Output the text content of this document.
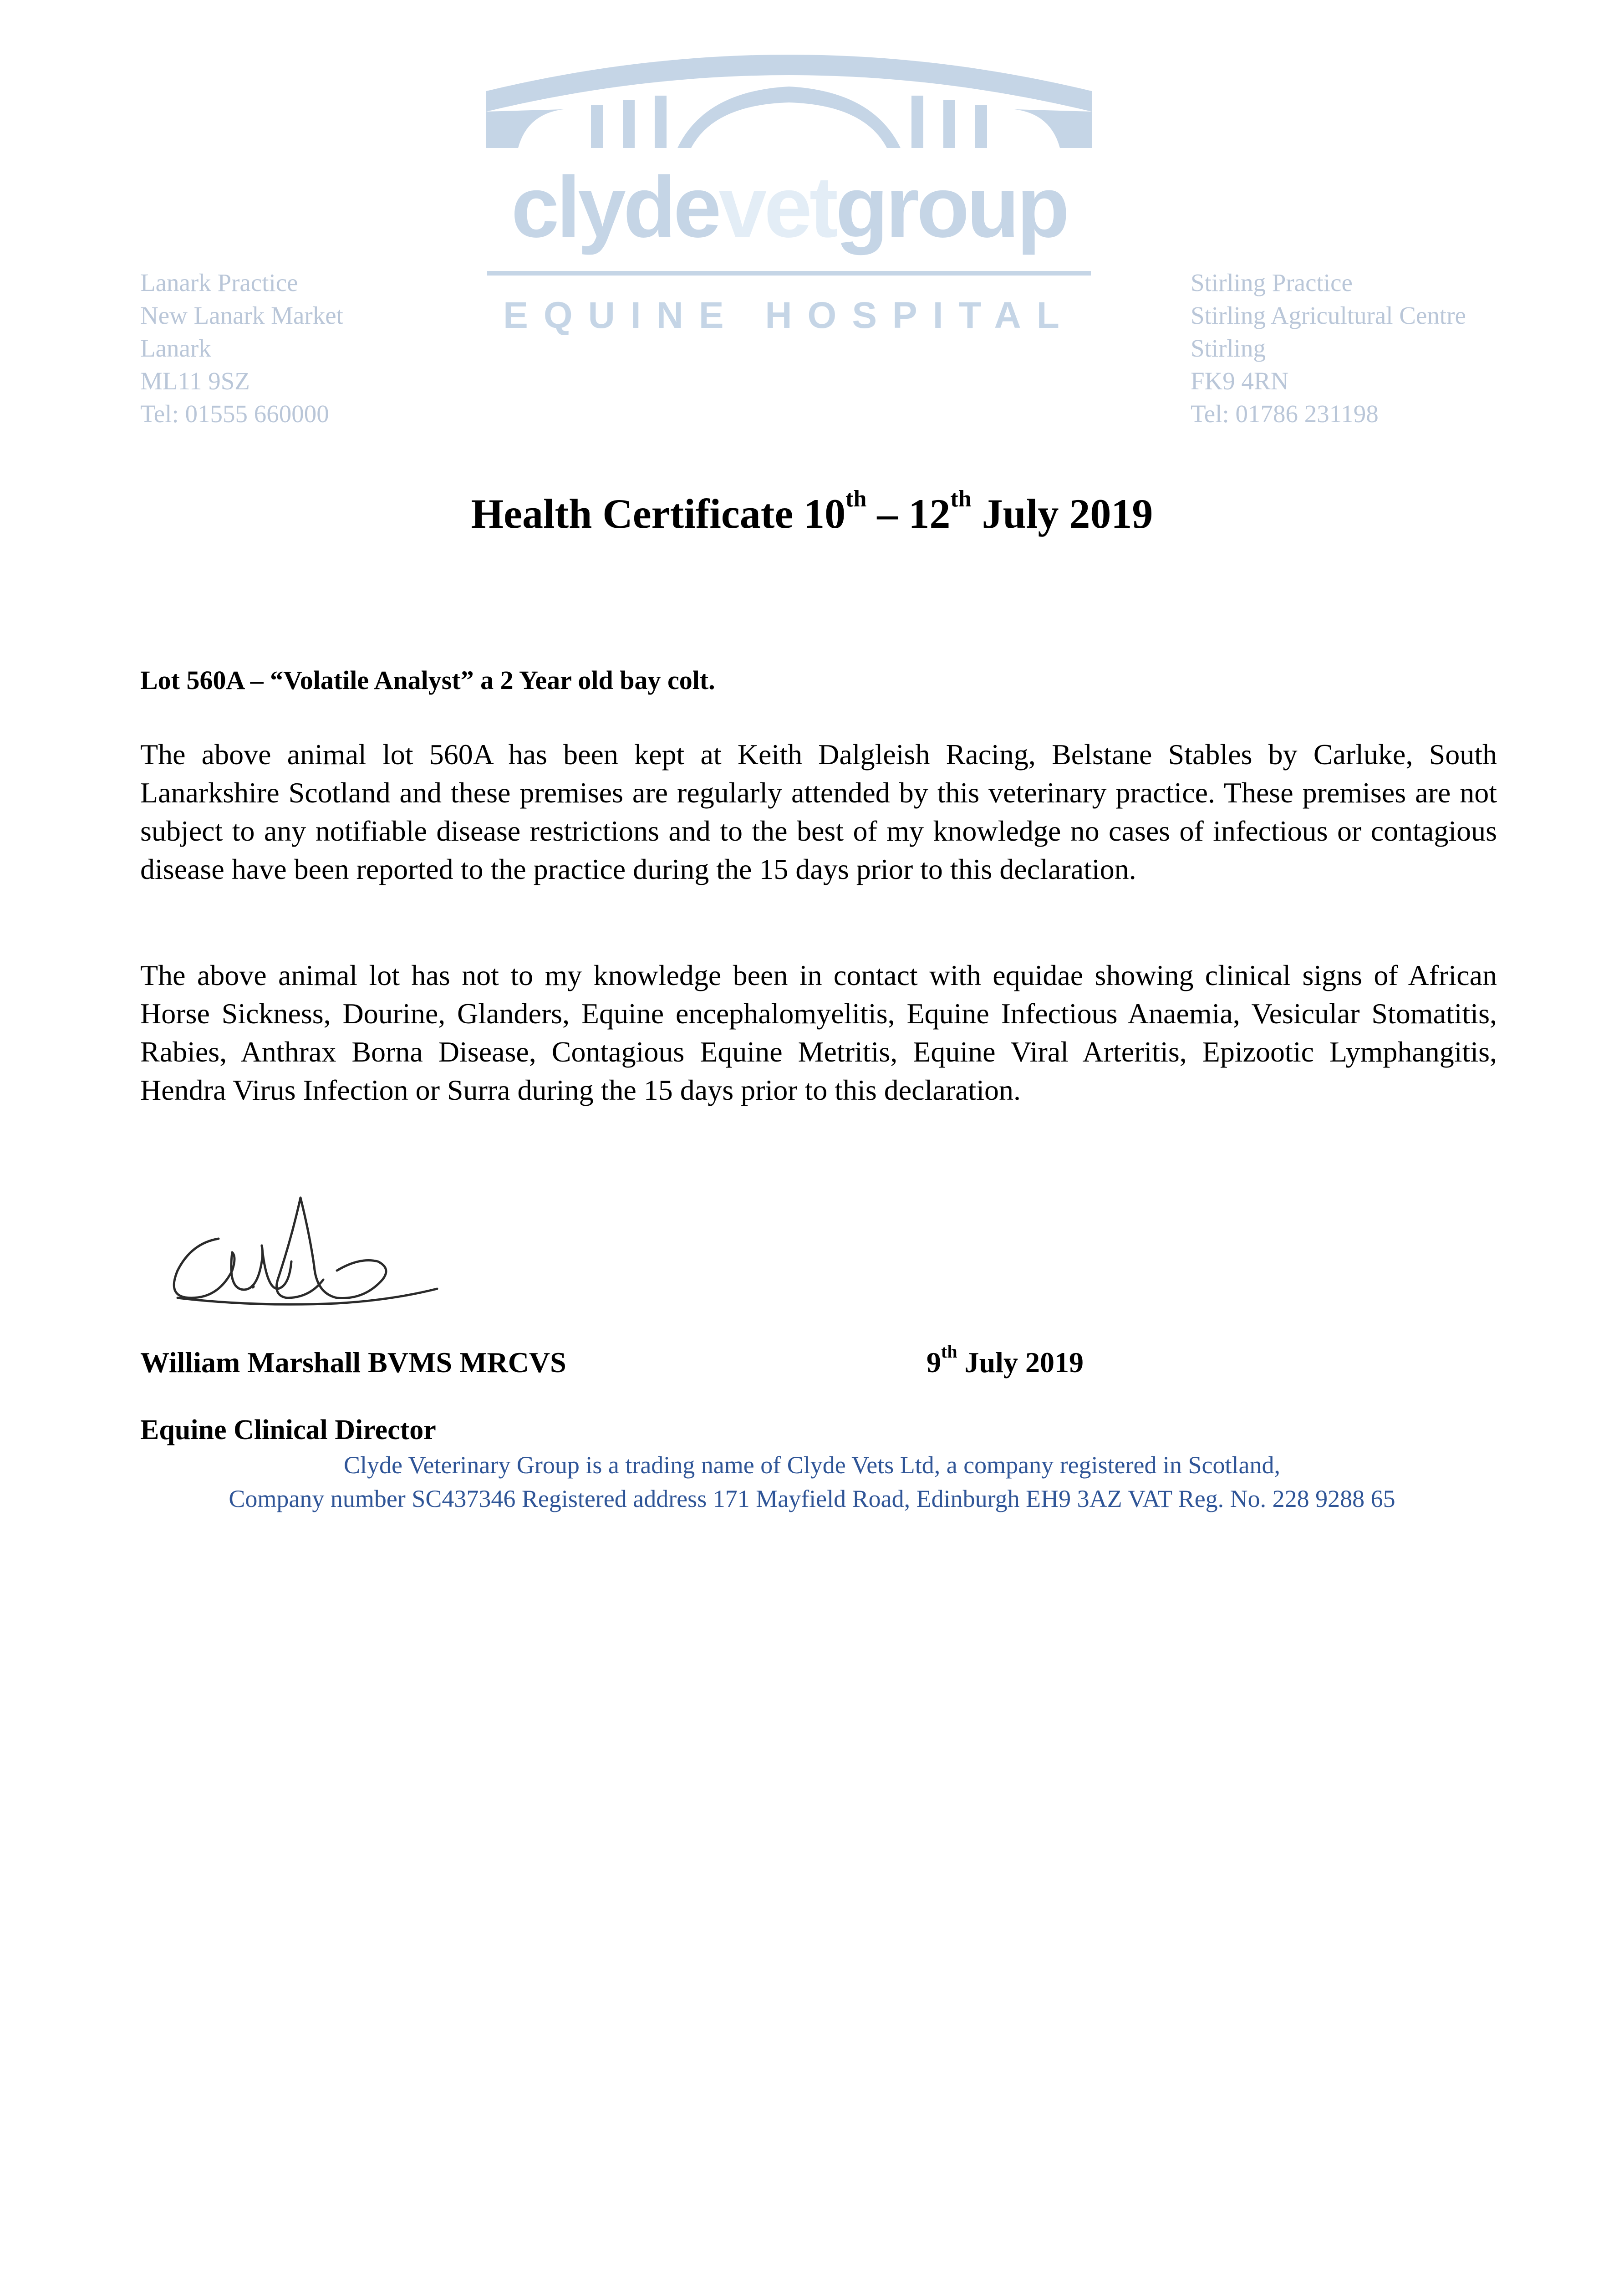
Lanark Practice
New Lanark Market
Lanark
ML11 9SZ
Tel: 01555 660000
clydevetgroup
EQUINE HOSPITAL
Stirling Practice
Stirling Agricultural Centre
Stirling
FK9 4RN
Tel: 01786 231198
Health Certificate 10th – 12th July 2019
Lot 560A – “Volatile Analyst” a 2 Year old bay colt.
The above animal lot 560A has been kept at Keith Dalgleish Racing, Belstane Stables by Carluke, South Lanarkshire Scotland and these premises are regularly attended by this veterinary practice. These premises are not subject to any notifiable disease restrictions and to the best of my knowledge no cases of infectious or contagious disease have been reported to the practice during the 15 days prior to this declaration.
The above animal lot has not to my knowledge been in contact with equidae showing clinical signs of African Horse Sickness, Dourine, Glanders, Equine encephalomyelitis, Equine Infectious Anaemia, Vesicular Stomatitis, Rabies, Anthrax Borna Disease, Contagious Equine Metritis, Equine Viral Arteritis, Epizootic Lymphangitis, Hendra Virus Infection or Surra during the 15 days prior to this declaration.
William Marshall BVMS MRCVS	9th July 2019
Equine Clinical Director
Clyde Veterinary Group is a trading name of Clyde Vets Ltd, a company registered in Scotland,
Company number SC437346 Registered address 171 Mayfield Road, Edinburgh EH9 3AZ VAT Reg. No. 228 9288 65
